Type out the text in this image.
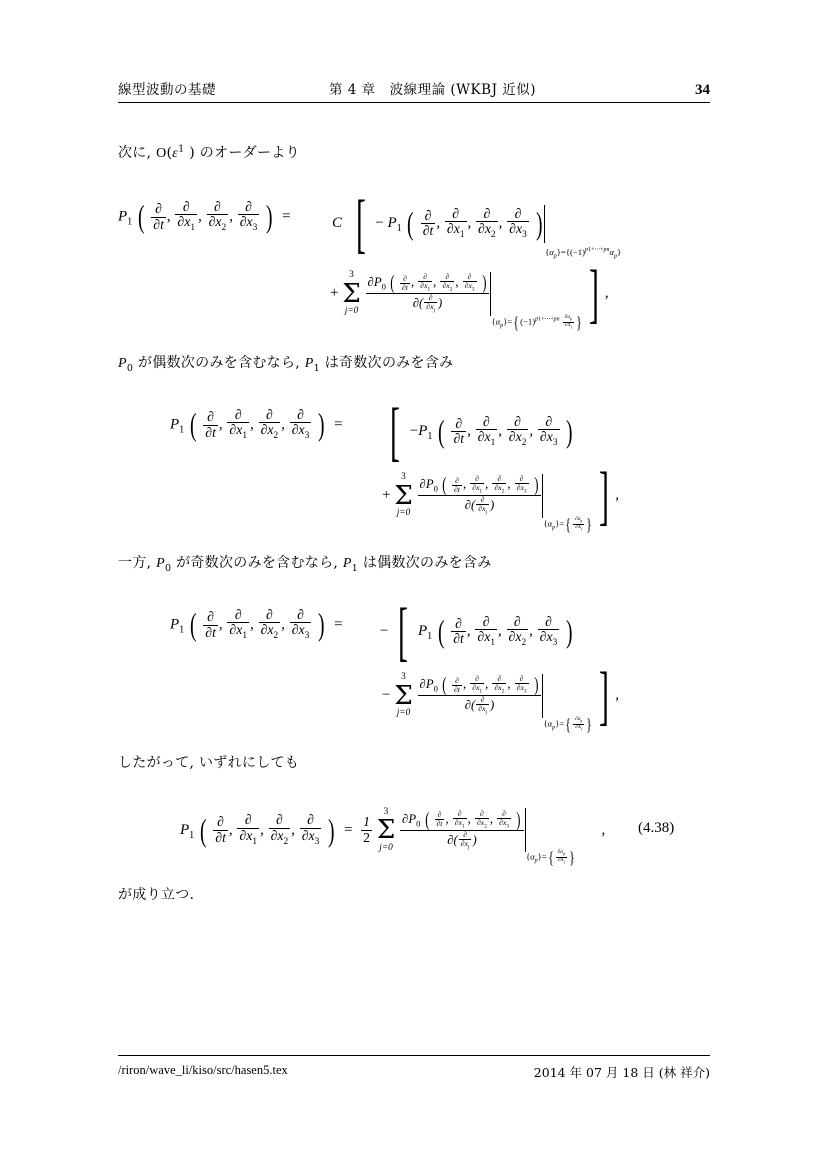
線型波動の基礎	第 4 章　波線理論 (WKBJ 近似)	34
次に, $O(\varepsilon^1$ ) のオーダーより
$P_1$ ( $\frac{\partial}{\partial t}$ , $\frac{\partial}{\partial x_1}$ , $\frac{\partial}{\partial x_2}$ , $\frac{\partial}{\partial x_3}$ )  =	C [ − $P_1$ ( $\frac{\partial}{\partial t}$ , $\frac{\partial}{\partial x_1}$ , $\frac{\partial}{\partial x_2}$ , $\frac{\partial}{\partial x_3} )\{\alpha_p\}=\{(-1)^{p1+\cdots+pn}\alpha_p\}$
+
3
Σ
j=0

$\partial P_0$ ( $\frac{\partial}{\partial t}$ , $\frac{\partial}{\partial x_1}$ , $\frac{\partial}{\partial x_2}$ , $\frac{\partial}{\partial x_3}$ )
∂( $\frac{\partial}{\partial x_j}$ )
$\{\alpha_p\}=\{(-1)^{p1+\cdots+pn} \frac{\partial\alpha_p}{\partial X_j}$ } ] ,
$P_0$ が偶数次のみを含むなら, $P_1$ は奇数次のみを含み
$P_1$ ( $\frac{\partial}{\partial t}$ , $\frac{\partial}{\partial x_1}$ , $\frac{\partial}{\partial x_2}$ , $\frac{\partial}{\partial x_3}$ )  = [ $-P_1$ ( $\frac{\partial}{\partial t}$ , $\frac{\partial}{\partial x_1}$ , $\frac{\partial}{\partial x_2}$ , $\frac{\partial}{\partial x_3}$ )
+
3
Σ
j=0

$\partial P_0$ ( $\frac{\partial}{\partial t}$ , $\frac{\partial}{\partial x_1}$ , $\frac{\partial}{\partial x_2}$ , $\frac{\partial}{\partial x_3}$ )
∂( $\frac{\partial}{\partial x_j}$ )
$\{\alpha_p\}=\{ \frac{\partial\alpha_p}{\partial X_j}$ } ] ,
一方, $P_0$ が奇数次のみを含むなら, $P_1$ は偶数次のみを含み
$P_1$ ( $\frac{\partial}{\partial t}$ , $\frac{\partial}{\partial x_1}$ , $\frac{\partial}{\partial x_2}$ , $\frac{\partial}{\partial x_3}$ )  = − [ $P_1$ ( $\frac{\partial}{\partial t}$ , $\frac{\partial}{\partial x_1}$ , $\frac{\partial}{\partial x_2}$ , $\frac{\partial}{\partial x_3}$ )
−
3
Σ
j=0

$\partial P_0$ ( $\frac{\partial}{\partial t}$ , $\frac{\partial}{\partial x_1}$ , $\frac{\partial}{\partial x_2}$ , $\frac{\partial}{\partial x_3}$ )
∂( $\frac{\partial}{\partial x_j}$ )
$\{\alpha_p\}=\{ \frac{\partial\alpha_p}{\partial X_j}$ } ] ,
したがって, いずれにしても
$P_1$ ( $\frac{\partial}{\partial t}$ , $\frac{\partial}{\partial x_1}$ , $\frac{\partial}{\partial x_2}$ , $\frac{\partial}{\partial x_3}$ )  = $\frac{1}{2}$

3
Σ
j=0

$\partial P_0$ ( $\frac{\partial}{\partial t}$ , $\frac{\partial}{\partial x_1}$ , $\frac{\partial}{\partial x_2}$ , $\frac{\partial}{\partial x_3}$ )
∂( $\frac{\partial}{\partial x_j}$ )
$\{\alpha_p\}=\{ \frac{\partial\alpha_p}{\partial X_j}$ } , (4.38)
が成り立つ.
/riron/wave_li/kiso/src/hasen5.tex	2014 年 07 月 18 日 (林 祥介)
